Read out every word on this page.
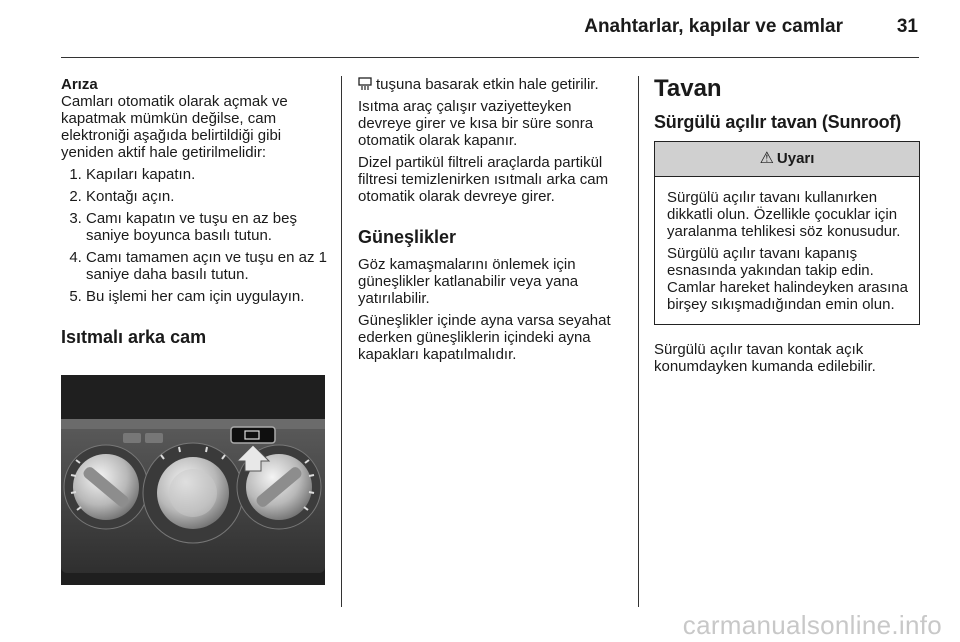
Anahtarlar, kapılar ve camlar	31
Arıza

Camları otomatik olarak açmak ve kapatmak mümkün değilse, cam elektroniği aşağıda belirtildiği gibi yeniden aktif hale getirilmelidir:

1. Kapıları kapatın.
2. Kontağı açın.
3. Camı kapatın ve tuşu en az beş saniye boyunca basılı tutun.
4. Camı tamamen açın ve tuşu en az 1 saniye daha basılı tutun.
5. Bu işlemi her cam için uygulayın.
Isıtmalı arka cam

tuşuna basarak etkin hale getirilir.

Isıtma araç çalışır vaziyetteyken devreye girer ve kısa bir süre sonra otomatik olarak kapanır.

Dizel partikül filtreli araçlarda partikül filtresi temizlenirken ısıtmalı arka cam otomatik olarak devreye girer.

Güneşlikler

Göz kamaşmalarını önlemek için güneşlikler katlanabilir veya yana yatırılabilir.

Güneşlikler içinde ayna varsa seyahat ederken güneşliklerin içindeki ayna kapakları kapatılmalıdır.

Tavan
Sürgülü açılır tavan (Sunroof)
⚠ Uyarı

Sürgülü açılır tavanı kullanırken dikkatli olun. Özellikle çocuklar için yaralanma tehlikesi söz konusudur.

Sürgülü açılır tavanı kapanış esnasında yakından takip edin. Camlar hareket halindeyken arasına birşey sıkışmadığından emin olun.

Sürgülü açılır tavan kontak açık konumdayken kumanda edilebilir.

carmanualsonline.info
